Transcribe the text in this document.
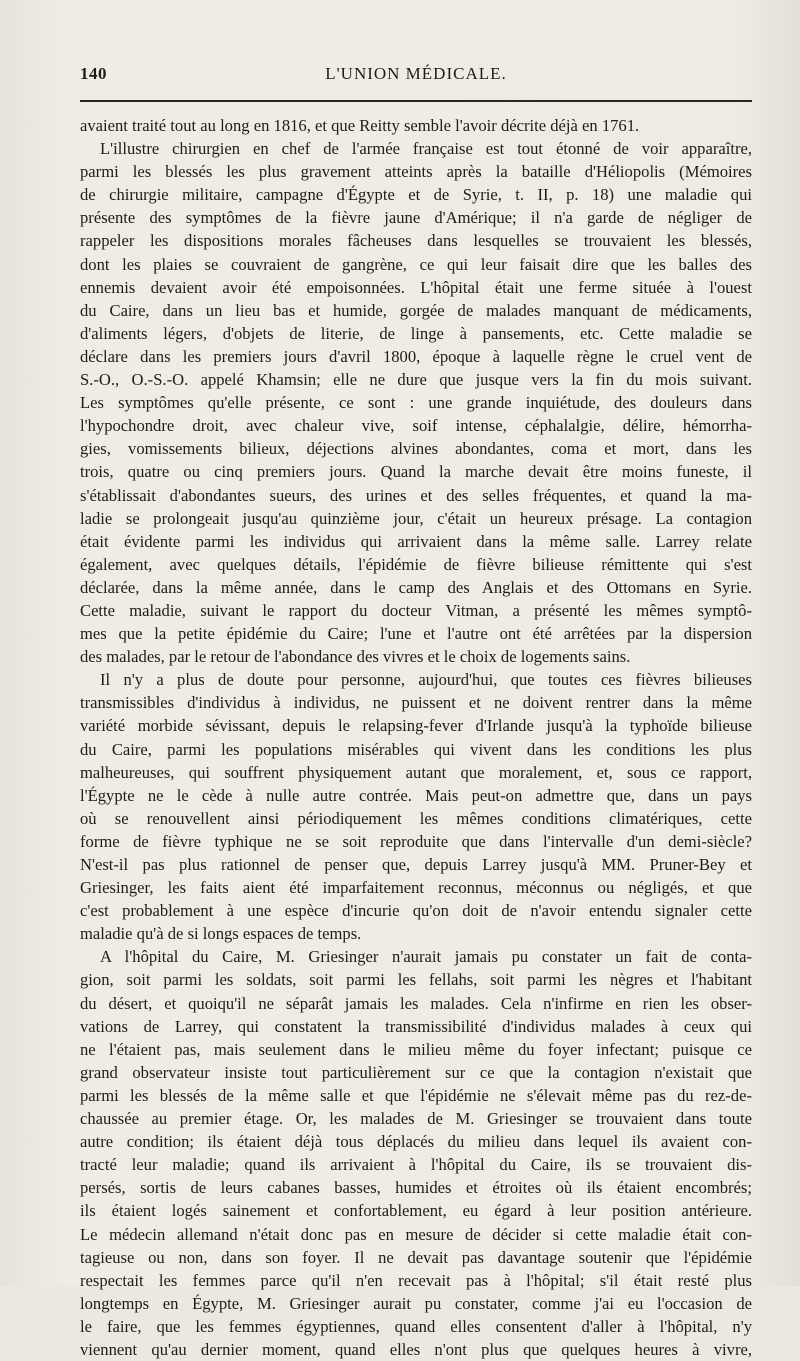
140	L'UNION MÉDICALE.
avaient traité tout au long en 1816, et que Reitty semble l'avoir décrite déjà en 1761.
L'illustre chirurgien en chef de l'armée française est tout étonné de voir apparaître,
parmi les blessés les plus gravement atteints après la bataille d'Héliopolis (Mémoires
de chirurgie militaire, campagne d'Égypte et de Syrie, t. II, p. 18) une maladie qui
présente des symptômes de la fièvre jaune d'Amérique; il n'a garde de négliger de
rappeler les dispositions morales fâcheuses dans lesquelles se trouvaient les blessés,
dont les plaies se couvraient de gangrène, ce qui leur faisait dire que les balles des
ennemis devaient avoir été empoisonnées. L'hôpital était une ferme située à l'ouest
du Caire, dans un lieu bas et humide, gorgée de malades manquant de médicaments,
d'aliments légers, d'objets de literie, de linge à pansements, etc. Cette maladie se
déclare dans les premiers jours d'avril 1800, époque à laquelle règne le cruel vent de
S.-O., O.-S.-O. appelé Khamsin; elle ne dure que jusque vers la fin du mois suivant.
Les symptômes qu'elle présente, ce sont : une grande inquiétude, des douleurs dans
l'hypochondre droit, avec chaleur vive, soif intense, céphalalgie, délire, hémorrha-
gies, vomissements bilieux, déjections alvines abondantes, coma et mort, dans les
trois, quatre ou cinq premiers jours. Quand la marche devait être moins funeste, il
s'établissait d'abondantes sueurs, des urines et des selles fréquentes, et quand la ma-
ladie se prolongeait jusqu'au quinzième jour, c'était un heureux présage. La contagion
était évidente parmi les individus qui arrivaient dans la même salle. Larrey relate
également, avec quelques détails, l'épidémie de fièvre bilieuse rémittente qui s'est
déclarée, dans la même année, dans le camp des Anglais et des Ottomans en Syrie.
Cette maladie, suivant le rapport du docteur Vitman, a présenté les mêmes symptô-
mes que la petite épidémie du Caire; l'une et l'autre ont été arrêtées par la dispersion
des malades, par le retour de l'abondance des vivres et le choix de logements sains.
Il n'y a plus de doute pour personne, aujourd'hui, que toutes ces fièvres bilieuses
transmissibles d'individus à individus, ne puissent et ne doivent rentrer dans la même
variété morbide sévissant, depuis le relapsing-fever d'Irlande jusqu'à la typhoïde bilieuse
du Caire, parmi les populations misérables qui vivent dans les conditions les plus
malheureuses, qui souffrent physiquement autant que moralement, et, sous ce rapport,
l'Égypte ne le cède à nulle autre contrée. Mais peut-on admettre que, dans un pays
où se renouvellent ainsi périodiquement les mêmes conditions climatériques, cette
forme de fièvre typhique ne se soit reproduite que dans l'intervalle d'un demi-siècle?
N'est-il pas plus rationnel de penser que, depuis Larrey jusqu'à MM. Pruner-Bey et
Griesinger, les faits aient été imparfaitement reconnus, méconnus ou négligés, et que
c'est probablement à une espèce d'incurie qu'on doit de n'avoir entendu signaler cette
maladie qu'à de si longs espaces de temps.
A l'hôpital du Caire, M. Griesinger n'aurait jamais pu constater un fait de conta-
gion, soit parmi les soldats, soit parmi les fellahs, soit parmi les nègres et l'habitant
du désert, et quoiqu'il ne séparât jamais les malades. Cela n'infirme en rien les obser-
vations de Larrey, qui constatent la transmissibilité d'individus malades à ceux qui
ne l'étaient pas, mais seulement dans le milieu même du foyer infectant; puisque ce
grand observateur insiste tout particulièrement sur ce que la contagion n'existait que
parmi les blessés de la même salle et que l'épidémie ne s'élevait même pas du rez-de-
chaussée au premier étage. Or, les malades de M. Griesinger se trouvaient dans toute
autre condition; ils étaient déjà tous déplacés du milieu dans lequel ils avaient con-
tracté leur maladie; quand ils arrivaient à l'hôpital du Caire, ils se trouvaient dis-
persés, sortis de leurs cabanes basses, humides et étroites où ils étaient encombrés;
ils étaient logés sainement et confortablement, eu égard à leur position antérieure.
Le médecin allemand n'était donc pas en mesure de décider si cette maladie était con-
tagieuse ou non, dans son foyer. Il ne devait pas davantage soutenir que l'épidémie
respectait les femmes parce qu'il n'en recevait pas à l'hôpital; s'il était resté plus
longtemps en Égypte, M. Griesinger aurait pu constater, comme j'ai eu l'occasion de
le faire, que les femmes égyptiennes, quand elles consentent d'aller à l'hôpital, n'y
viennent qu'au dernier moment, quand elles n'ont plus que quelques heures à vivre,
